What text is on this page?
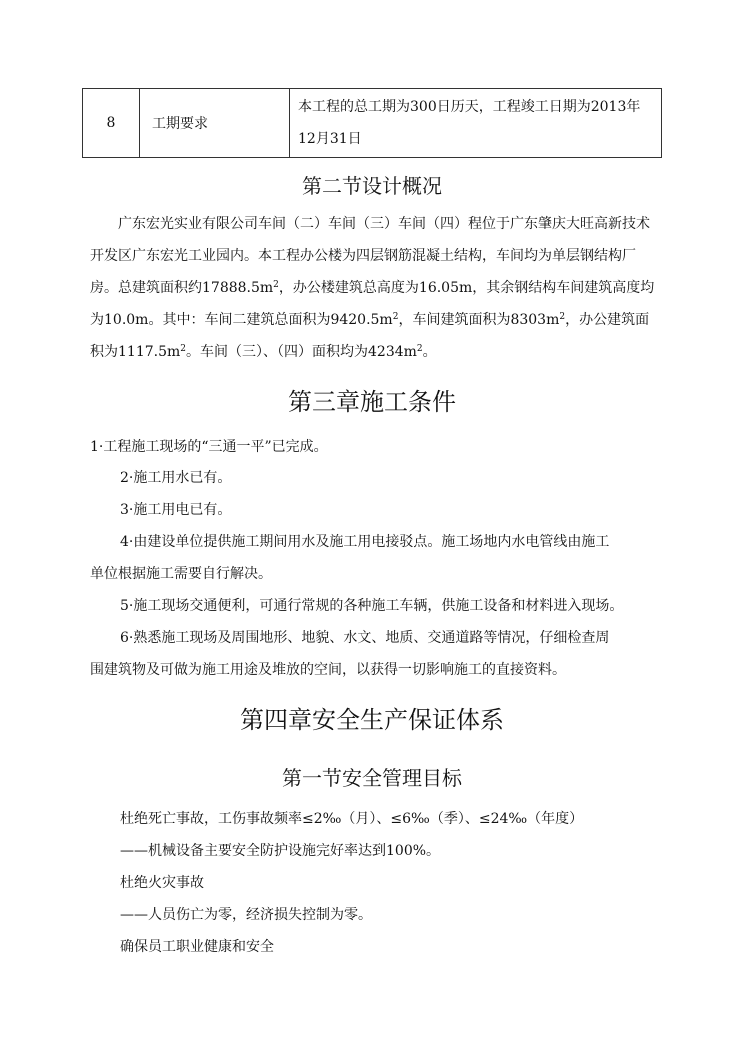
8	工期要求	
本工程的总工期为300日历天，工程竣工日期为2013年
12月31日
第二节设计概况
广东宏光实业有限公司车间（二）车间（三）车间（四）程位于广东肇庆大旺高新技术开发区广东宏光工业园内。本工程办公楼为四层钢筋混凝土结构，车间均为单层钢结构厂房。总建筑面积约$17888.5m^2$，办公楼建筑总高度为16.05m，其余钢结构车间建筑高度均为10.0m。其中：车间二建筑总面积为$9420.5m^2$，车间建筑面积为$8303m^2$，办公建筑面积为$1117.5m^2$。车间（三）、（四）面积均为$4234m^2$。
第三章施工条件
1·工程施工现场的“三通一平”已完成。
2·施工用水已有。
3·施工用电已有。
4·由建设单位提供施工期间用水及施工用电接驳点。施工场地内水电管线由施工
单位根据施工需要自行解决。
5·施工现场交通便利，可通行常规的各种施工车辆，供施工设备和材料进入现场。
6·熟悉施工现场及周围地形、地貌、水文、地质、交通道路等情况，仔细检查周
围建筑物及可做为施工用途及堆放的空间，以获得一切影响施工的直接资料。
第四章安全生产保证体系
第一节安全管理目标
杜绝死亡事故，工伤事故频率≤2‰（月）、≤6‰（季）、≤24‰（年度）
——机械设备主要安全防护设施完好率达到100%。
杜绝火灾事故
——人员伤亡为零，经济损失控制为零。
确保员工职业健康和安全
